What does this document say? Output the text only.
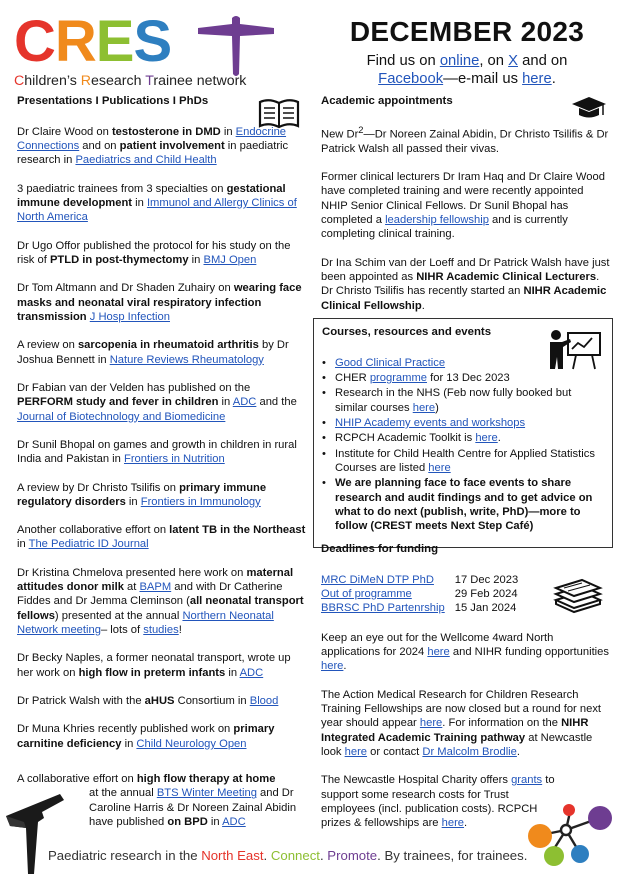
CRES
Children’s Research Trainee network
DECEMBER 2023
Find us on online, on X and on
Facebook—e-mail us here.
Presentations I Publications I PhDs
Dr Claire Wood on testosterone in DMD in Endocrine Connections and on patient involvement in paediatric research in Paediatrics and Child Health
3 paediatric trainees from 3 specialties on gestational immune development in Immunol and Allergy Clinics of North America
Dr Ugo Offor published the protocol for his study on the risk of PTLD in post-thymectomy in BMJ Open
Dr Tom Altmann and Dr Shaden Zuhairy on wearing face masks and neonatal viral respiratory infection transmission J Hosp Infection
A review on sarcopenia in rheumatoid arthritis by Dr Joshua Bennett in Nature Reviews Rheumatology
Dr Fabian van der Velden has published on the PERFORM study and fever in children in ADC and the Journal of Biotechnology and Biomedicine
Dr Sunil Bhopal on games and growth in children in rural India and Pakistan in Frontiers in Nutrition
A review by Dr Christo Tsilifis on primary immune regulatory disorders in Frontiers in Immunology
Another collaborative effort on latent TB in the Northeast in The Pediatric ID Journal
Dr Kristina Chmelova presented here work on maternal attitudes donor milk at BAPM and with Dr Catherine Fiddes and Dr Jemma Cleminson (all neonatal transport fellows) presented at the annual Northern Neonatal Network meeting– lots of studies!
Dr Becky Naples, a former neonatal transport, wrote up her work on high flow in preterm infants in ADC
Dr Patrick Walsh with the aHUS Consortium in Blood
Dr Muna Khries recently published work on primary carnitine deficiency in Child Neurology Open
A collaborative effort on high flow therapy at home
at the annual BTS Winter Meeting and Dr Caroline Harris & Dr Noreen Zainal Abidin have published on BPD in ADC
Academic appointments
New Dr$^2$—Dr Noreen Zainal Abidin, Dr Christo Tsilifis & Dr Patrick Walsh all passed their vivas.
Former clinical lecturers Dr Iram Haq and Dr Claire Wood have completed training and were recently appointed NHIP Senior Clinical Fellows. Dr Sunil Bhopal has completed a leadership fellowship and is currently completing clinical training.
Dr Ina Schim van der Loeff and Dr Patrick Walsh have just been appointed as NIHR Academic Clinical Lecturers. Dr Christo Tsilifis has recently started an NIHR Academic Clinical Fellowship.
Courses, resources and events
• Good Clinical Practice
• CHER programme for 13 Dec 2023
• Research in the NHS (Feb now fully booked but similar courses here)
• NHIP Academy events and workshops
• RCPCH Academic Toolkit is here.
• Institute for Child Health Centre for Applied Statistics Courses are listed here
• We are planning face to face events to share research and audit findings and to get advice on what to do next (publish, write, PhD)—more to follow (CREST meets Next Step Café)
Deadlines for funding
MRC DiMeN DTP PhD	17 Dec 2023
Out of programme	29 Feb 2024
BBRSC PhD Partenrship	15 Jan 2024
Keep an eye out for the Wellcome 4ward North applications for 2024 here and NIHR funding opportunities here.
The Action Medical Research for Children Research Training Fellowships are now closed but a round for next year should appear here. For information on the NIHR Integrated Academic Training pathway at Newcastle look here or contact Dr Malcolm Brodlie.
The Newcastle Hospital Charity offers grants to support some research costs for Trust employees (incl. publication costs). RCPCH prizes & fellowships are here.
Paediatric research in the North East. Connect. Promote. By trainees, for trainees.
